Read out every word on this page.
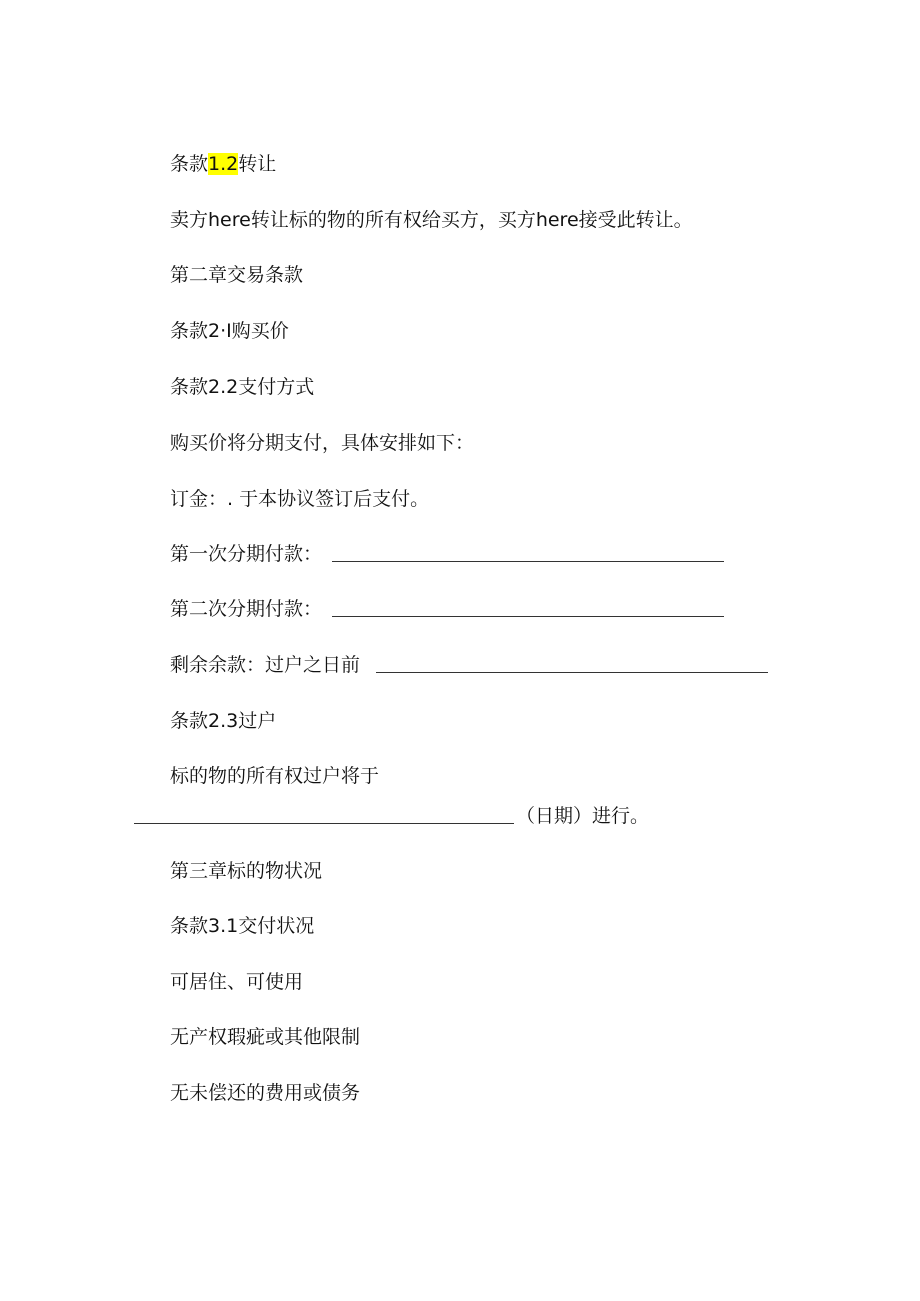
条款1.2转让
卖方here转让标的物的所有权给买方，买方here接受此转让。
第二章交易条款
条款2·I购买价
条款2.2支付方式
购买价将分期支付，具体安排如下：
订金：. 于本协议签订后支付。
第一次分期付款：
第二次分期付款：
剩余余款：过户之日前
条款2.3过户
标的物的所有权过户将于
（日期）进行。
第三章标的物状况
条款3.1交付状况
可居住、可使用
无产权瑕疵或其他限制
无未偿还的费用或债务
